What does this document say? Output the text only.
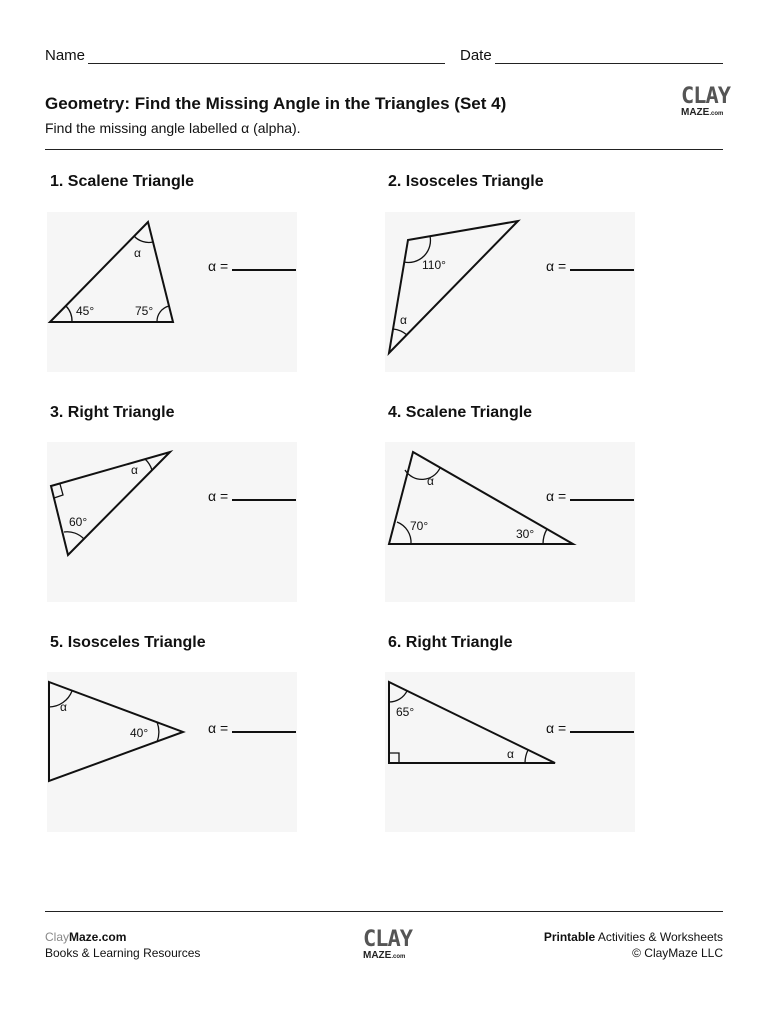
Name	Date
Geometry: Find the Missing Angle in the Triangles (Set 4)
Find the missing angle labelled α (alpha).
CLAY
MAZE.com
1. Scalene Triangle	2. Isosceles Triangle
3. Right Triangle	4. Scalene Triangle
5. Isosceles Triangle	6. Right Triangle
α
45°	75°
110°
α
α
60°
α
70°
30°
α
40°
65°
α
α =	α =
α =	α =
α =	α =
ClayMaze.com
Books & Learning Resources
CLAY
MAZE.com
Printable Activities & Worksheets
© ClayMaze LLC
